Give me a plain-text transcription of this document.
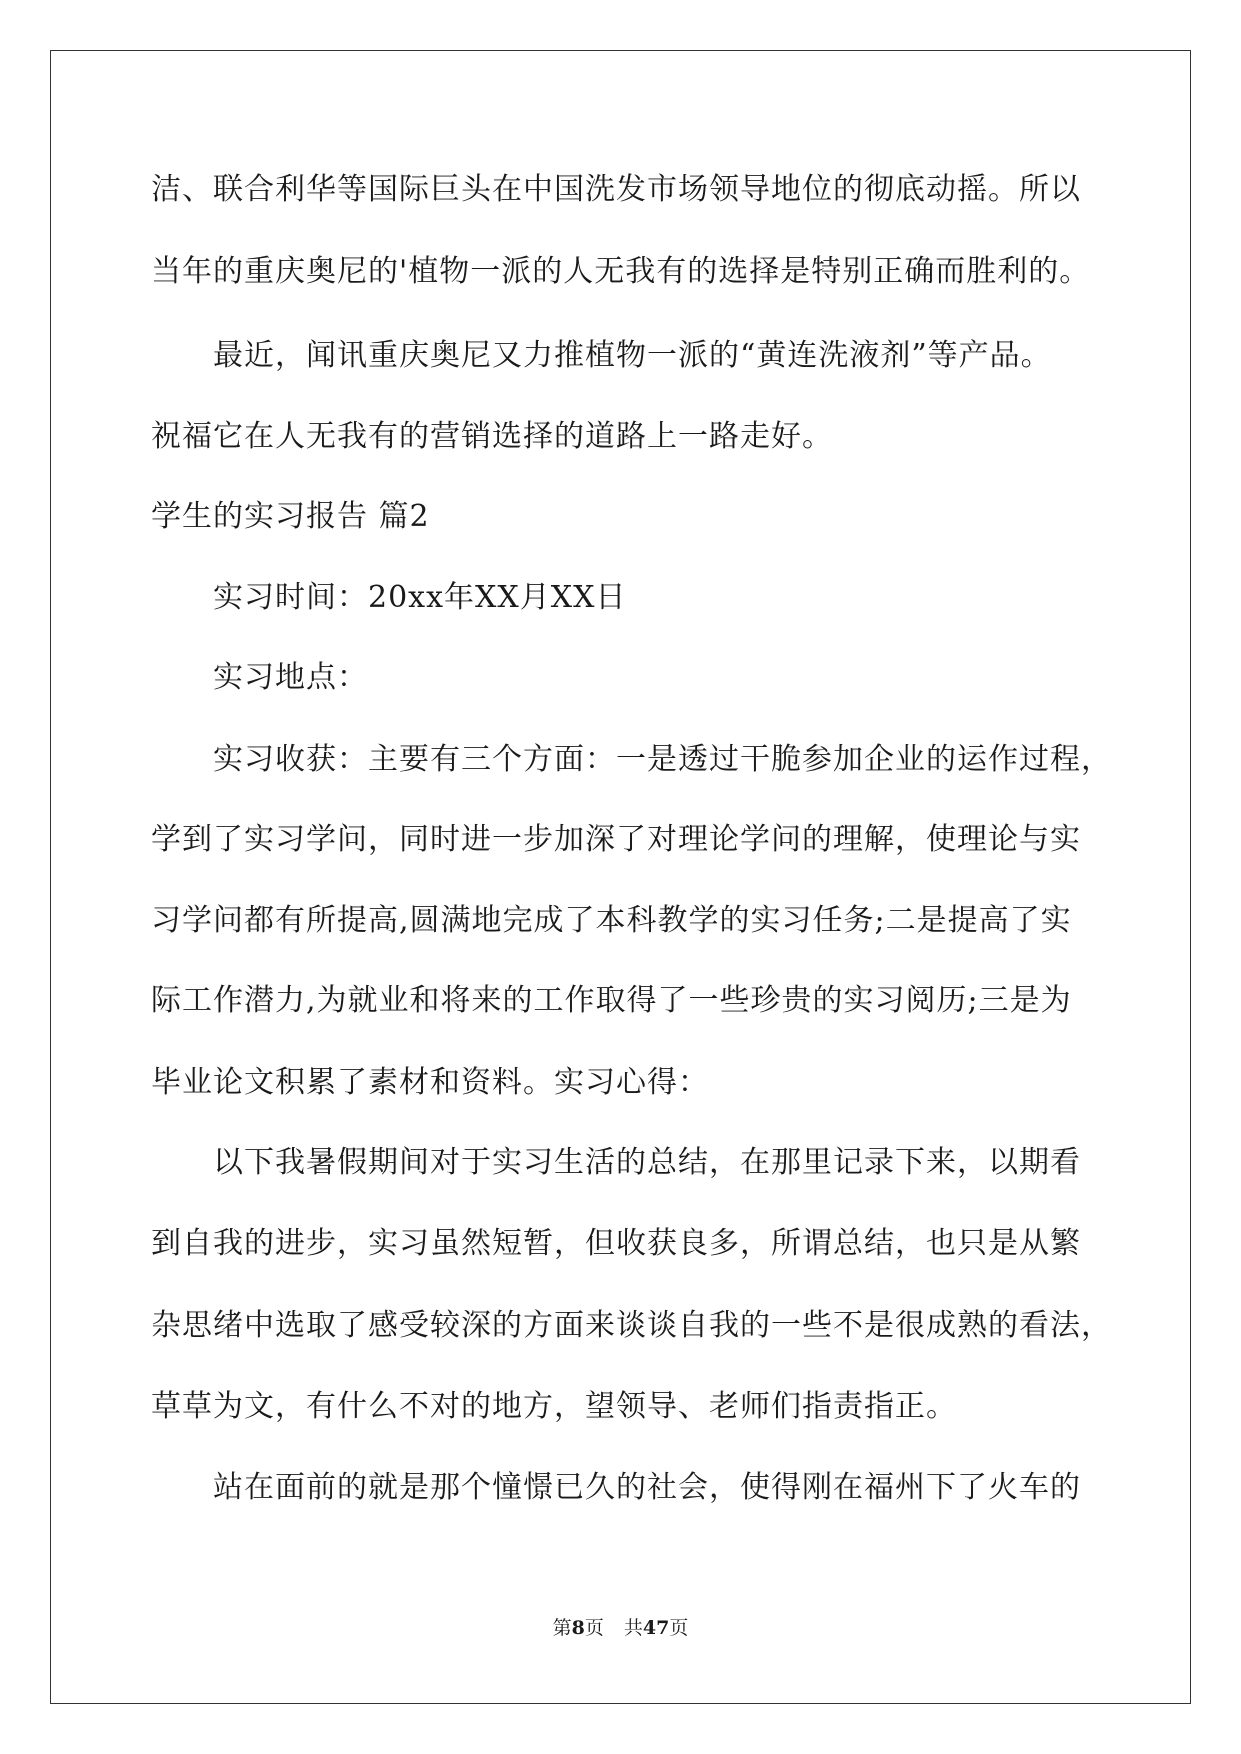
洁、联合利华等国际巨头在中国洗发市场领导地位的彻底动摇。所以
当年的重庆奥尼的'植物一派的人无我有的选择是特别正确而胜利的。
最近，闻讯重庆奥尼又力推植物一派的“黄连洗液剂”等产品。
祝福它在人无我有的营销选择的道路上一路走好。
学生的实习报告 篇2
实习时间：20xx年XX月XX日
实习地点：
实习收获：主要有三个方面：一是透过干脆参加企业的运作过程，
学到了实习学问，同时进一步加深了对理论学问的理解，使理论与实
习学问都有所提高,圆满地完成了本科教学的实习任务;二是提高了实
际工作潜力,为就业和将来的工作取得了一些珍贵的实习阅历;三是为
毕业论文积累了素材和资料。实习心得：
以下我暑假期间对于实习生活的总结，在那里记录下来，以期看
到自我的进步，实习虽然短暂，但收获良多，所谓总结，也只是从繁
杂思绪中选取了感受较深的方面来谈谈自我的一些不是很成熟的看法，
草草为文，有什么不对的地方，望领导、老师们指责指正。
站在面前的就是那个憧憬已久的社会，使得刚在福州下了火车的
第8页 共47页
